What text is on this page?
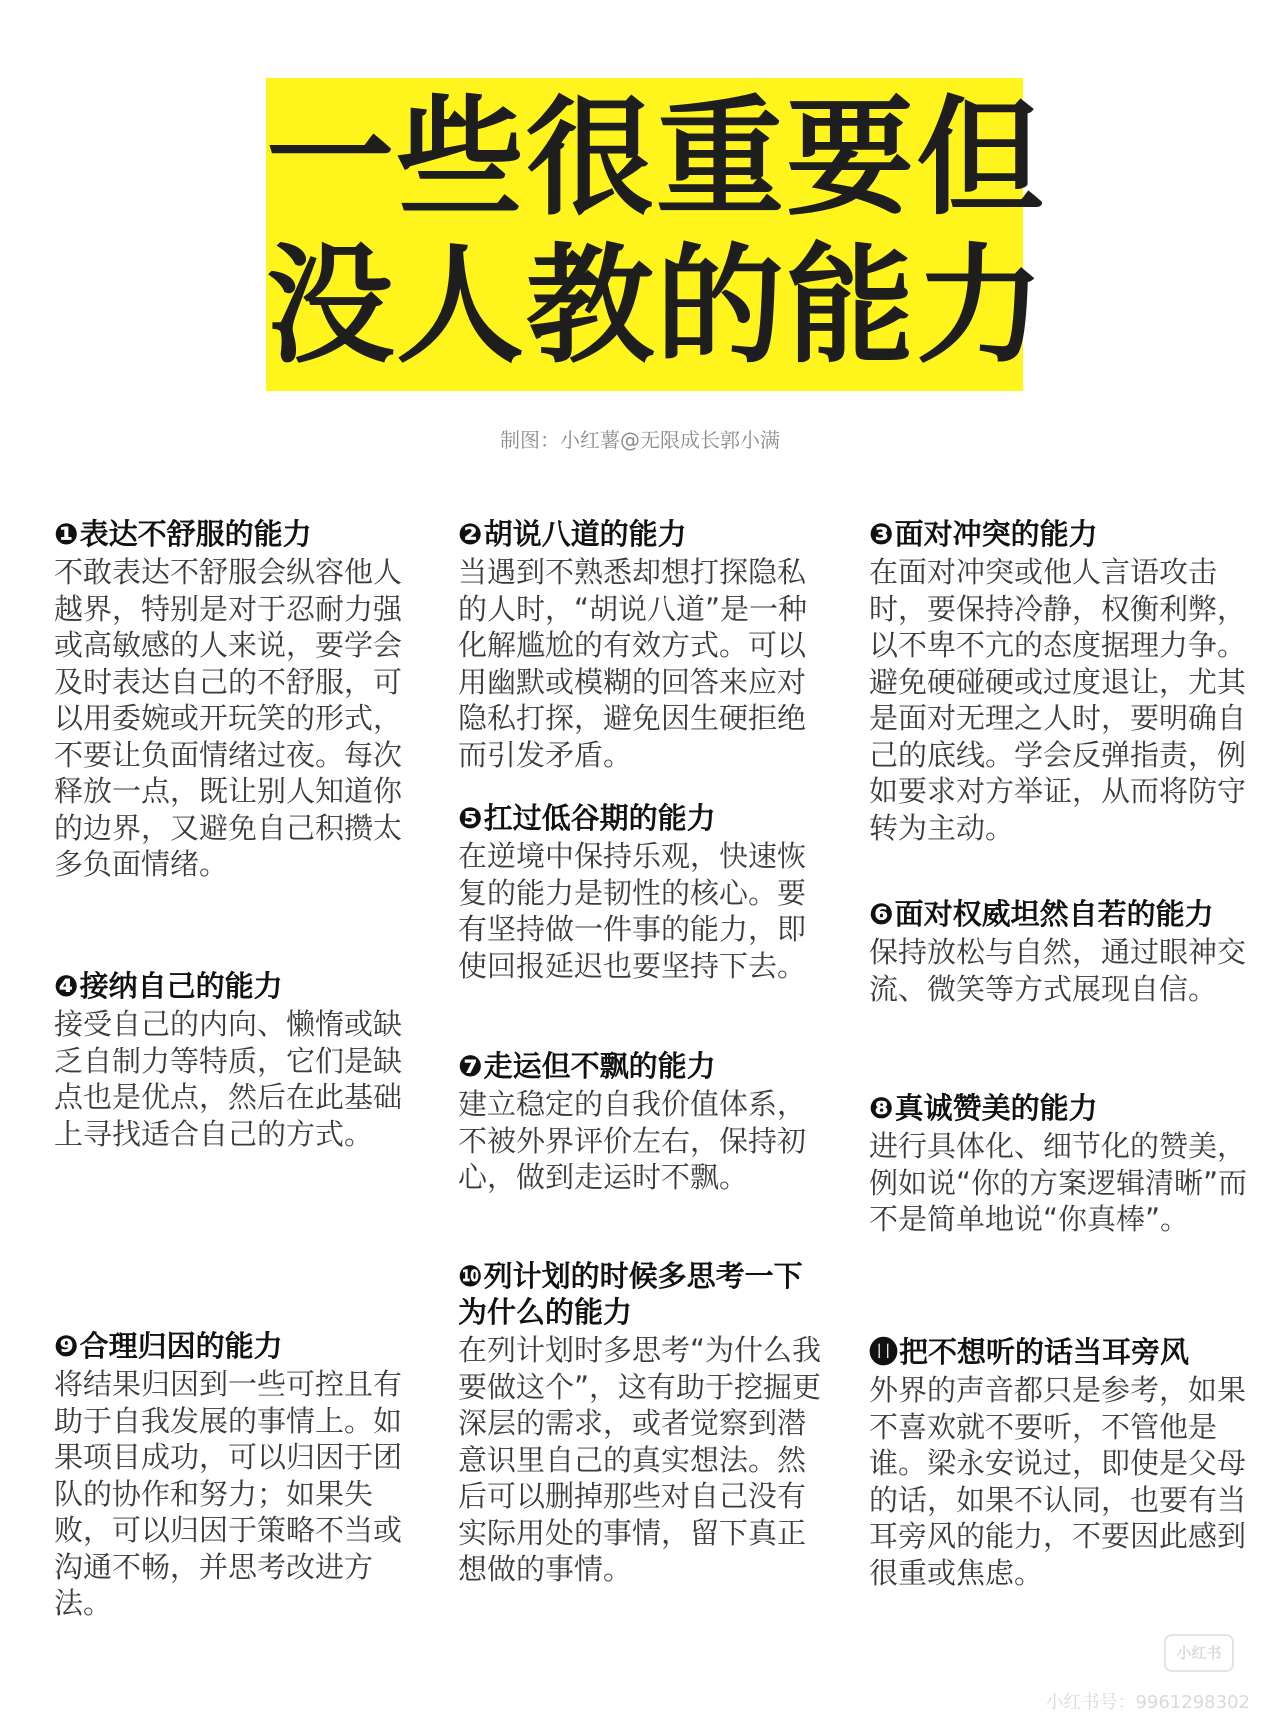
一些很重要但
没人教的能力
制图：小红薯@无限成长郭小满
❶表达不舒服的能力
不敢表达不舒服会纵容他人越界，特别是对于忍耐力强或高敏感的人来说，要学会及时表达自己的不舒服，可以用委婉或开玩笑的形式，不要让负面情绪过夜。每次释放一点，既让别人知道你的边界，又避免自己积攒太多负面情绪。
❹接纳自己的能力
接受自己的内向、懒惰或缺乏自制力等特质，它们是缺点也是优点，然后在此基础上寻找适合自己的方式。
❾合理归因的能力
将结果归因到一些可控且有助于自我发展的事情上。如果项目成功，可以归因于团队的协作和努力；如果失败，可以归因于策略不当或沟通不畅，并思考改进方法。
❷胡说八道的能力
当遇到不熟悉却想打探隐私的人时，“胡说八道”是一种化解尴尬的有效方式。可以用幽默或模糊的回答来应对隐私打探，避免因生硬拒绝而引发矛盾。
❺扛过低谷期的能力
在逆境中保持乐观，快速恢复的能力是韧性的核心。要有坚持做一件事的能力，即使回报延迟也要坚持下去。
❼走运但不飘的能力
建立稳定的自我价值体系，不被外界评价左右，保持初心，做到走运时不飘。
❿列计划的时候多思考一下
为什么的能力
在列计划时多思考“为什么我要做这个”，这有助于挖掘更深层的需求，或者觉察到潜意识里自己的真实想法。然后可以删掉那些对自己没有实际用处的事情，留下真正想做的事情。
❸面对冲突的能力
在面对冲突或他人言语攻击时，要保持冷静，权衡利弊，以不卑不亢的态度据理力争。避免硬碰硬或过度退让，尤其是面对无理之人时，要明确自己的底线。学会反弹指责，例如要求对方举证，从而将防守转为主动。
❻面对权威坦然自若的能力
保持放松与自然，通过眼神交流、微笑等方式展现自信。
❽真诚赞美的能力
进行具体化、细节化的赞美，例如说“你的方案逻辑清晰”而不是简单地说“你真棒”。
⓫把不想听的话当耳旁风
外界的声音都只是参考，如果不喜欢就不要听，不管他是谁。梁永安说过，即使是父母的话，如果不认同，也要有当耳旁风的能力，不要因此感到很重或焦虑。
小红书
小红书号：9961298302
